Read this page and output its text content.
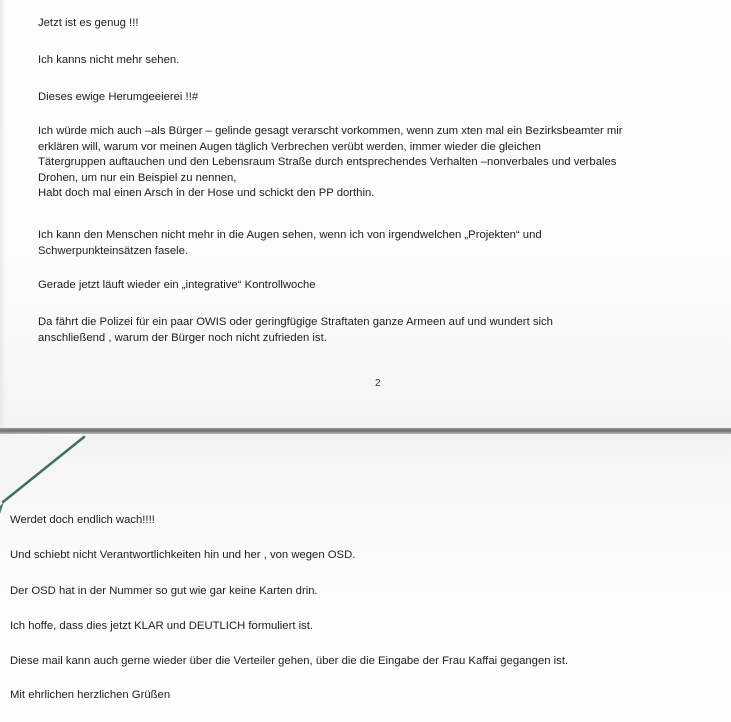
Jetzt ist es genug !!!

Ich kanns nicht mehr sehen.

Dieses ewige Herumgeeierei !!#

Ich würde mich auch –als Bürger – gelinde gesagt verarscht vorkommen, wenn zum xten mal ein Bezirksbeamter mir
erklären will, warum vor meinen Augen täglich Verbrechen verübt werden, immer wieder die gleichen
Tätergruppen auftauchen und den Lebensraum Straße durch entsprechendes Verhalten –nonverbales und verbales
Drohen, um nur ein Beispiel zu nennen,
Habt doch mal einen Arsch in der Hose und schickt den PP dorthin.

Ich kann den Menschen nicht mehr in die Augen sehen, wenn ich von irgendwelchen „Projekten“ und
Schwerpunkteinsätzen fasele.

Gerade jetzt läuft wieder ein „integrative“ Kontrollwoche

Da fährt die Polizei für ein paar OWIS oder geringfügige Straftaten ganze Armeen auf und wundert sich
anschließend , warum der Bürger noch nicht zufrieden ist.

2

Werdet doch endlich wach!!!!

Und schiebt nicht Verantwortlichkeiten hin und her , von wegen OSD.

Der OSD hat in der Nummer so gut wie gar keine Karten drin.

Ich hoffe, dass dies jetzt KLAR und DEUTLICH formuliert ist.

Diese mail kann auch gerne wieder über die Verteiler gehen, über die die Eingabe der Frau Kaffai gegangen ist.

Mit ehrlichen herzlichen Grüßen
